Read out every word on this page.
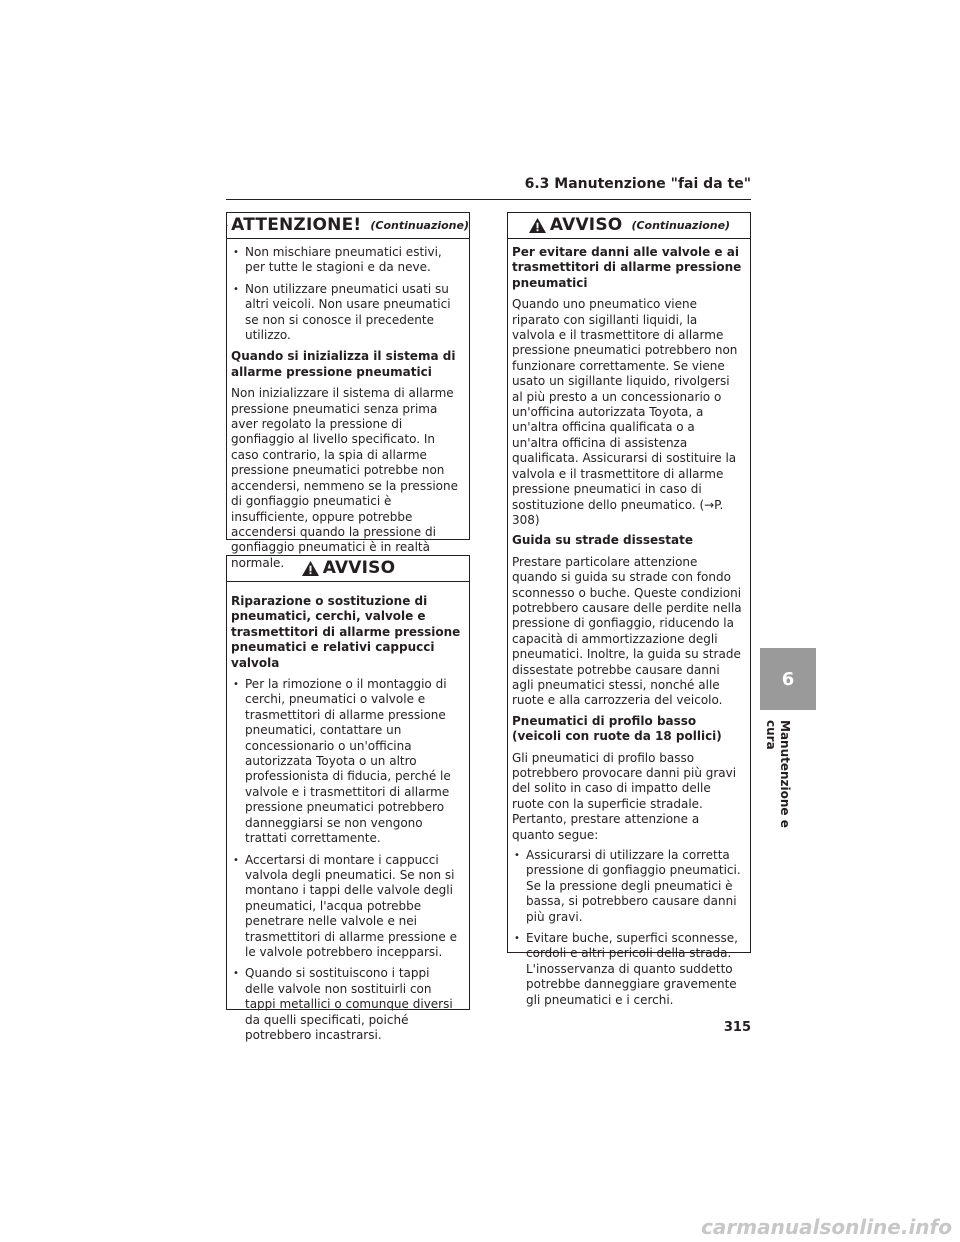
6.3 Manutenzione "fai da te"
ATTENZIONE! (Continuazione)
• Non mischiare pneumatici estivi, per tutte le stagioni e da neve.
• Non utilizzare pneumatici usati su altri veicoli. Non usare pneumatici se non si conosce il precedente utilizzo.
Quando si inizializza il sistema di allarme pressione pneumatici
Non inizializzare il sistema di allarme pressione pneumatici senza prima aver regolato la pressione di gonfiaggio al livello specificato. In caso contrario, la spia di allarme pressione pneumatici potrebbe non accendersi, nemmeno se la pressione di gonfiaggio pneumatici è insufficiente, oppure potrebbe accendersi quando la pressione di gonfiaggio pneumatici è in realtà normale.	AVVISO
Riparazione o sostituzione di pneumatici, cerchi, valvole e trasmettitori di allarme pressione pneumatici e relativi cappucci valvola
• Per la rimozione o il montaggio di cerchi, pneumatici o valvole e trasmettitori di allarme pressione pneumatici, contattare un concessionario o un'officina autorizzata Toyota o un altro professionista di fiducia, perché le valvole e i trasmettitori di allarme pressione pneumatici potrebbero danneggiarsi se non vengono trattati correttamente.
• Accertarsi di montare i cappucci valvola degli pneumatici. Se non si montano i tappi delle valvole degli pneumatici, l'acqua potrebbe penetrare nelle valvole e nei trasmettitori di allarme pressione e le valvole potrebbero incepparsi.
• Quando si sostituiscono i tappi delle valvole non sostituirli con tappi metallici o comunque diversi da quelli specificati, poiché potrebbero incastrarsi.
AVVISO (Continuazione)
Per evitare danni alle valvole e ai trasmettitori di allarme pressione pneumatici
Quando uno pneumatico viene riparato con sigillanti liquidi, la valvola e il trasmettitore di allarme pressione pneumatici potrebbero non funzionare correttamente. Se viene usato un sigillante liquido, rivolgersi al più presto a un concessionario o un'officina autorizzata Toyota, a un'altra officina qualificata o a un'altra officina di assistenza qualificata. Assicurarsi di sostituire la valvola e il trasmettitore di allarme pressione pneumatici in caso di sostituzione dello pneumatico. (→P. 308)
Guida su strade dissestate
Prestare particolare attenzione quando si guida su strade con fondo sconnesso o buche. Queste condizioni potrebbero causare delle perdite nella pressione di gonfiaggio, riducendo la capacità di ammortizzazione degli pneumatici. Inoltre, la guida su strade dissestate potrebbe causare danni agli pneumatici stessi, nonché alle ruote e alla carrozzeria del veicolo.
Pneumatici di profilo basso
(veicoli con ruote da 18 pollici)
Gli pneumatici di profilo basso potrebbero provocare danni più gravi del solito in caso di impatto delle ruote con la superficie stradale. Pertanto, prestare attenzione a quanto segue:
• Assicurarsi di utilizzare la corretta pressione di gonfiaggio pneumatici. Se la pressione degli pneumatici è bassa, si potrebbero causare danni più gravi.
• Evitare buche, superfici sconnesse, cordoli e altri pericoli della strada. L'inosservanza di quanto suddetto potrebbe danneggiare gravemente gli pneumatici e i cerchi.
6
Manutenzione e cura
315
carmanualsonline.info
